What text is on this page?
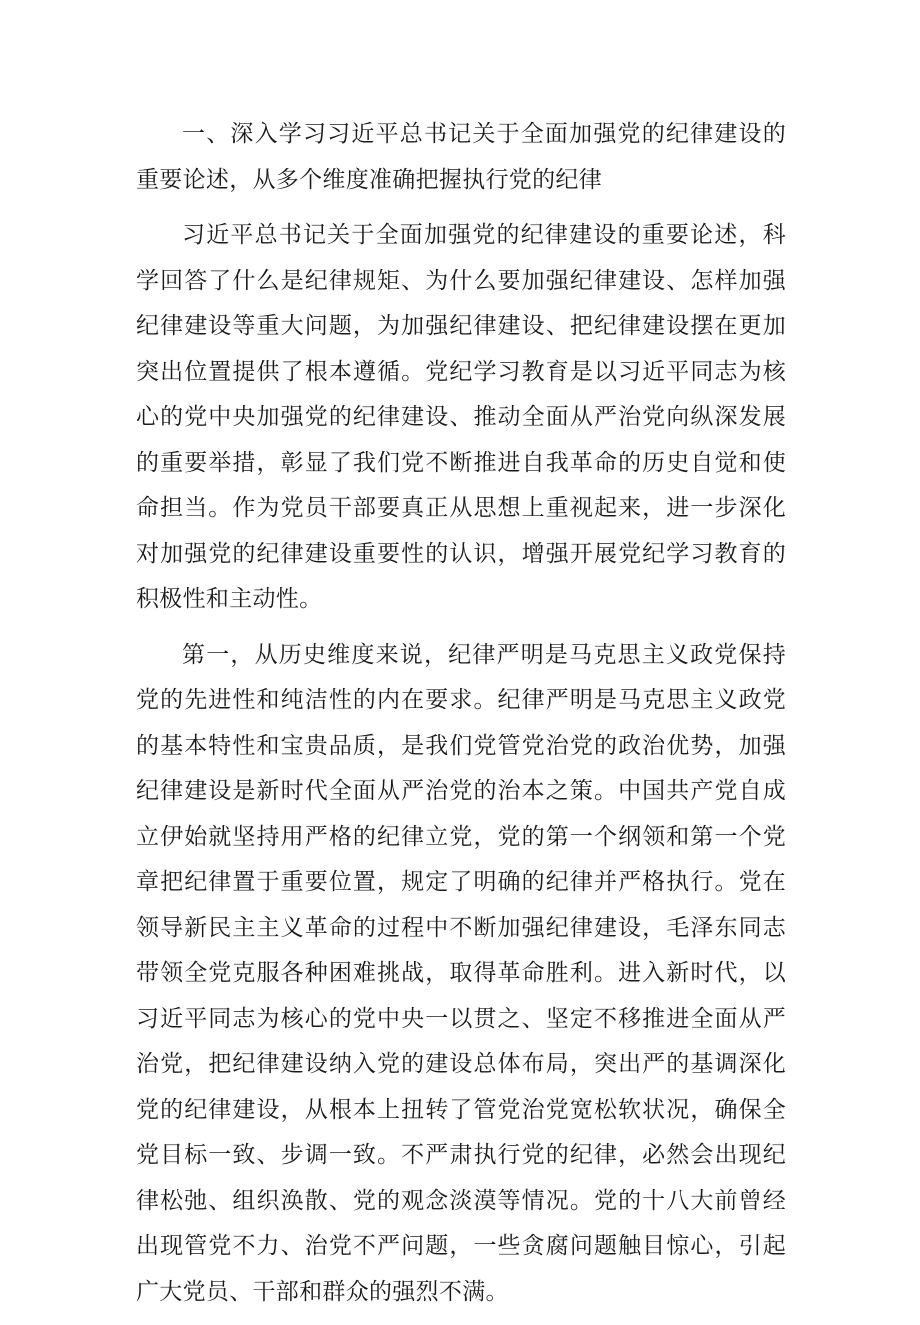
一、深入学习习近平总书记关于全面加强党的纪律建设的重要论述，从多个维度准确把握执行党的纪律

习近平总书记关于全面加强党的纪律建设的重要论述，科学回答了什么是纪律规矩、为什么要加强纪律建设、怎样加强纪律建设等重大问题，为加强纪律建设、把纪律建设摆在更加突出位置提供了根本遵循。党纪学习教育是以习近平同志为核心的党中央加强党的纪律建设、推动全面从严治党向纵深发展的重要举措，彰显了我们党不断推进自我革命的历史自觉和使命担当。作为党员干部要真正从思想上重视起来，进一步深化对加强党的纪律建设重要性的认识，增强开展党纪学习教育的积极性和主动性。

第一，从历史维度来说，纪律严明是马克思主义政党保持党的先进性和纯洁性的内在要求。纪律严明是马克思主义政党的基本特性和宝贵品质，是我们党管党治党的政治优势，加强纪律建设是新时代全面从严治党的治本之策。中国共产党自成立伊始就坚持用严格的纪律立党，党的第一个纲领和第一个党章把纪律置于重要位置，规定了明确的纪律并严格执行。党在领导新民主主义革命的过程中不断加强纪律建设，毛泽东同志带领全党克服各种困难挑战，取得革命胜利。进入新时代，以习近平同志为核心的党中央一以贯之、坚定不移推进全面从严治党，把纪律建设纳入党的建设总体布局，突出严的基调深化党的纪律建设，从根本上扭转了管党治党宽松软状况，确保全党目标一致、步调一致。不严肃执行党的纪律，必然会出现纪律松弛、组织涣散、党的观念淡漠等情况。党的十八大前曾经出现管党不力、治党不严问题，一些贪腐问题触目惊心，引起广大党员、干部和群众的强烈不满。
